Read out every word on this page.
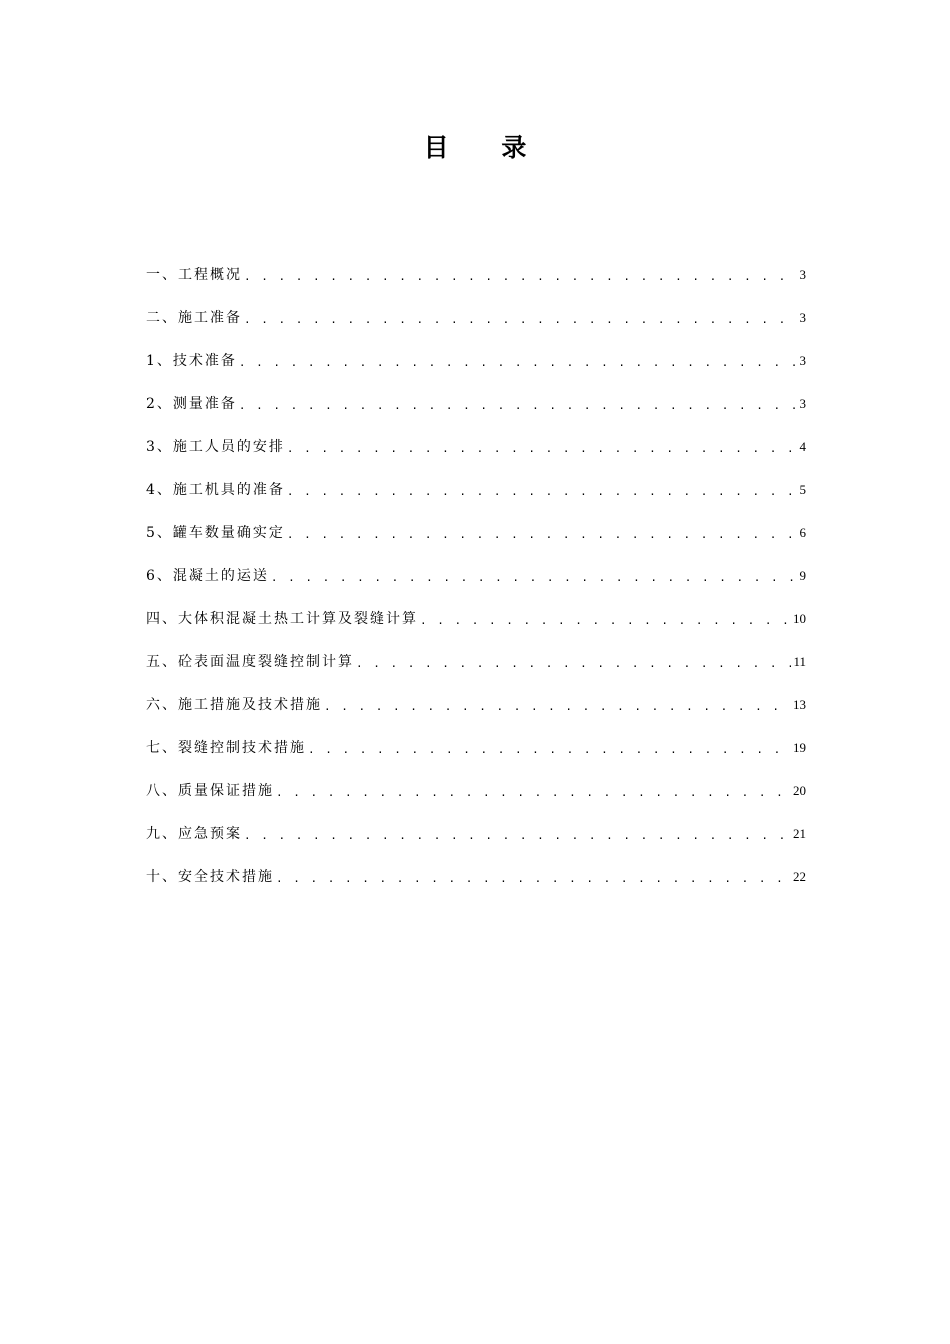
目 录
一、工程概况 . . .	3
二、施工准备 . . .	3
1、技术准备 . . .	3
2、测量准备 . . .	3
3、施工人员的安排 . . .	4
4、施工机具的准备 . . .	5
5、罐车数量确实定 . . .	6
6、混凝土的运送 . . .	9
四、大体积混凝土热工计算及裂缝计算 . . .	10
五、砼表面温度裂缝控制计算 . . .	11
六、施工措施及技术措施 . . .	13
七、裂缝控制技术措施 . . .	19
八、质量保证措施 . . .	20
九、应急预案 . . .	21
十、安全技术措施 . . .	22
